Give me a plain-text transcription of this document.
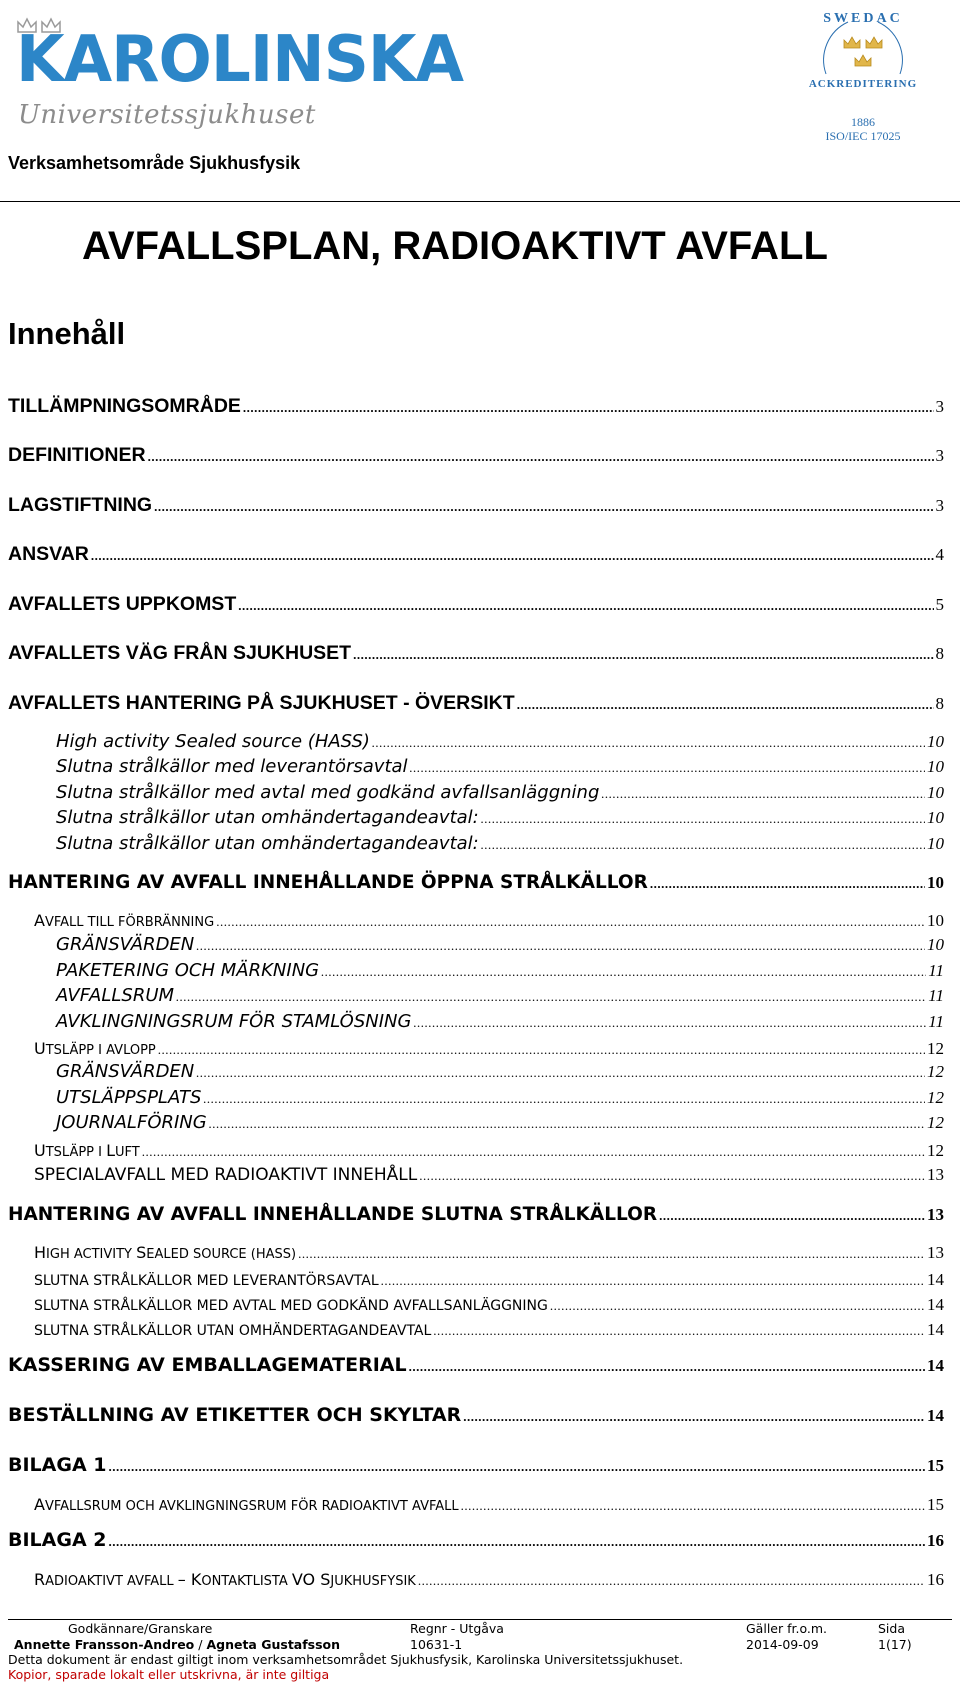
KAROLINSKA
Universitetssjukhuset
Verksamhetsområde Sjukhusfysik
SWEDAC
ACKREDITERING
1886
ISO/IEC 17025
AVFALLSPLAN, RADIOAKTIVT AVFALL
Innehåll
TILLÄMPNINGSOMRÅDE .....	3
DEFINITIONER .....	3
LAGSTIFTNING .....	3
ANSVAR .....	4
AVFALLETS UPPKOMST .....	5
AVFALLETS VÄG FRÅN SJUKHUSET .....	8
AVFALLETS HANTERING PÅ SJUKHUSET - ÖVERSIKT .....	8
High activity Sealed source (HASS) .....	10
Slutna strålkällor med leverantörsavtal .....	10
Slutna strålkällor med avtal med godkänd avfallsanläggning .....	10
Slutna strålkällor utan omhändertagandeavtal: .....	10
Slutna strålkällor utan omhändertagandeavtal: .....	10
HANTERING AV AVFALL INNEHÅLLANDE ÖPPNA STRÅLKÄLLOR .....	10
AVFALL TILL FÖRBRÄNNING .....	10
GRÄNSVÄRDEN .....	10
PAKETERING OCH MÄRKNING .....	11
AVFALLSRUM .....	11
AVKLINGNINGSRUM FÖR STAMLÖSNING .....	11
UTSLÄPP I AVLOPP .....	12
GRÄNSVÄRDEN .....	12
UTSLÄPPSPLATS .....	12
JOURNALFÖRING .....	12
UTSLÄPP I LUFT .....	12
SPECIALAVFALL MED RADIOAKTIVT INNEHÅLL .....	13
HANTERING AV AVFALL INNEHÅLLANDE SLUTNA STRÅLKÄLLOR .....	13
HIGH ACTIVITY SEALED SOURCE (HASS) .....	13
SLUTNA STRÅLKÄLLOR MED LEVERANTÖRSAVTAL .....	14
SLUTNA STRÅLKÄLLOR MED AVTAL MED GODKÄND AVFALLSANLÄGGNING .....	14
SLUTNA STRÅLKÄLLOR UTAN OMHÄNDERTAGANDEAVTAL .....	14
KASSERING AV EMBALLAGEMATERIAL .....	14
BESTÄLLNING AV ETIKETTER OCH SKYLTAR .....	14
BILAGA 1 .....	15
AVFALLSRUM OCH AVKLINGNINGSRUM FÖR RADIOAKTIVT AVFALL .....	15
BILAGA 2 .....	16
RADIOAKTIVT AVFALL – KONTAKTLISTA VO SJUKHUSFYSIK .....	16
Godkännare/Granskare	Regnr - Utgåva	Gäller fr.o.m.	Sida
Annette Fransson-Andreo / Agneta Gustafsson	10631-1	2014-09-09	1(17)
Detta dokument är endast giltigt inom verksamhetsområdet Sjukhusfysik, Karolinska Universitetssjukhuset.
Kopior, sparade lokalt eller utskrivna, är inte giltiga
